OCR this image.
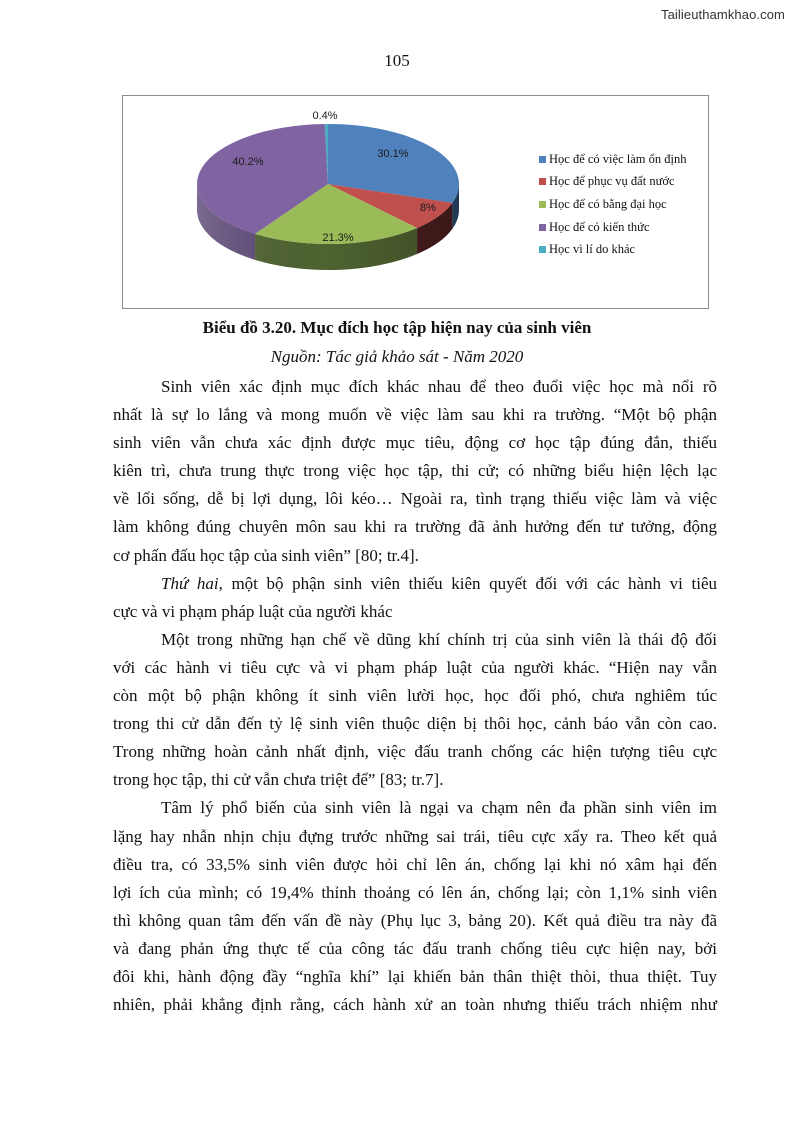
Tailieuthamkhao.com
105
30.1%
8%
21.3%
40.2%
0.4%
Học để có việc làm ổn định
Học để phục vụ đất nước
Học để có bằng đại học
Học để có kiến thức
Học vì lí do khác
Biểu đồ 3.20. Mục đích học tập hiện nay của sinh viên
Nguồn: Tác giả khảo sát - Năm 2020
Sinh viên xác định mục đích khác nhau để theo đuổi việc học mà nổi rõ
nhất là sự lo lắng và mong muốn về việc làm sau khi ra trường. “Một bộ phận
sinh viên vẫn chưa xác định được mục tiêu, động cơ học tập đúng đắn, thiếu
kiên trì, chưa trung thực trong việc học tập, thi cử; có những biểu hiện lệch lạc
về lối sống, dễ bị lợi dụng, lôi kéo… Ngoài ra, tình trạng thiếu việc làm và việc
làm không đúng chuyên môn sau khi ra trường đã ảnh hưởng đến tư tưởng, động
cơ phấn đấu học tập của sinh viên” [80; tr.4].
Thứ hai, một bộ phận sinh viên thiếu kiên quyết đối với các hành vi tiêu
cực và vi phạm pháp luật của người khác
Một trong những hạn chế về dũng khí chính trị của sinh viên là thái độ đối
với các hành vi tiêu cực và vi phạm pháp luật của người khác. “Hiện nay vẫn
còn một bộ phận không ít sinh viên lười học, học đối phó, chưa nghiêm túc
trong thi cử dẫn đến tỷ lệ sinh viên thuộc diện bị thôi học, cảnh báo vẫn còn cao.
Trong những hoàn cảnh nhất định, việc đấu tranh chống các hiện tượng tiêu cực
trong học tập, thi cử vẫn chưa triệt để” [83; tr.7].
Tâm lý phổ biến của sinh viên là ngại va chạm nên đa phần sinh viên im
lặng hay nhẫn nhịn chịu đựng trước những sai trái, tiêu cực xẩy ra. Theo kết quả
điều tra, có 33,5% sinh viên được hỏi chỉ lên án, chống lại khi nó xâm hại đến
lợi ích của mình; có 19,4% thỉnh thoảng có lên án, chống lại; còn 1,1% sinh viên
thì không quan tâm đến vấn đề này (Phụ lục 3, bảng 20). Kết quả điều tra này đã
và đang phản ứng thực tế của công tác đấu tranh chống tiêu cực hiện nay, bởi
đôi khi, hành động đầy “nghĩa khí” lại khiến bản thân thiệt thòi, thua thiệt. Tuy
nhiên, phải khẳng định rằng, cách hành xử an toàn nhưng thiếu trách nhiệm như
